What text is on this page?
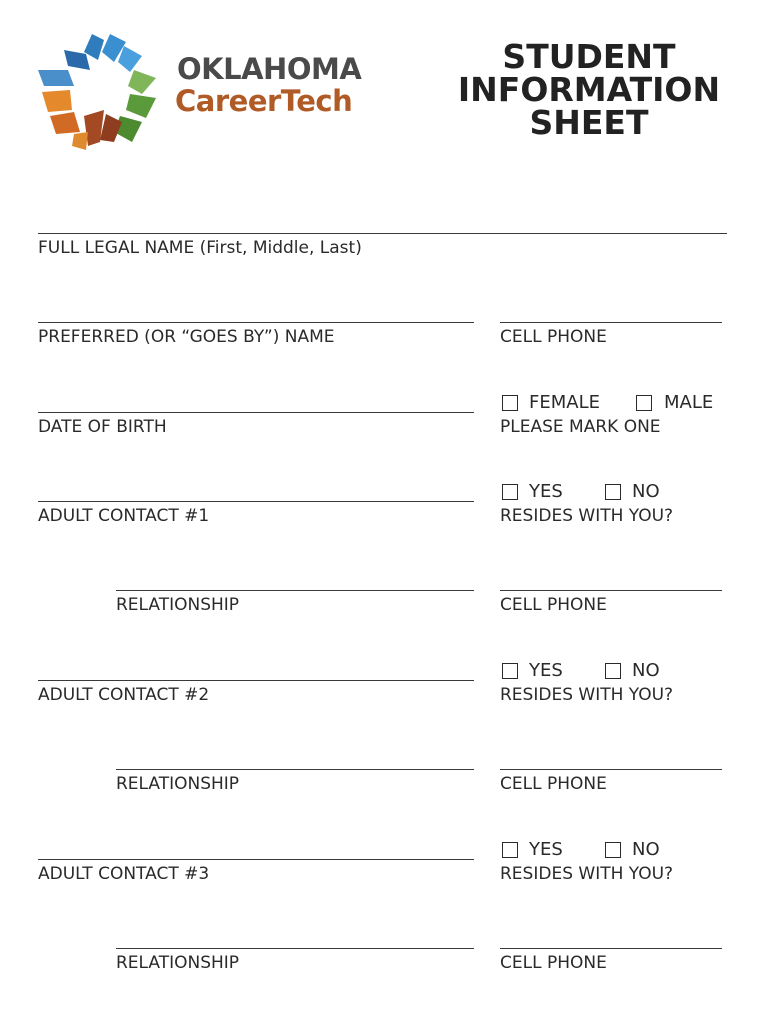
OKLAHOMA
CareerTech
STUDENT
INFORMATION
SHEET
FULL LEGAL NAME (First, Middle, Last)
PREFERRED (OR “GOES BY”) NAME	CELL PHONE
DATE OF BIRTH
FEMALE	MALE
PLEASE MARK ONE
ADULT CONTACT #1
YES	NO
RESIDES WITH YOU?
RELATIONSHIP	CELL PHONE
ADULT CONTACT #2
YES	NO
RESIDES WITH YOU?
RELATIONSHIP	CELL PHONE
ADULT CONTACT #3
YES	NO
RESIDES WITH YOU?
RELATIONSHIP	CELL PHONE
